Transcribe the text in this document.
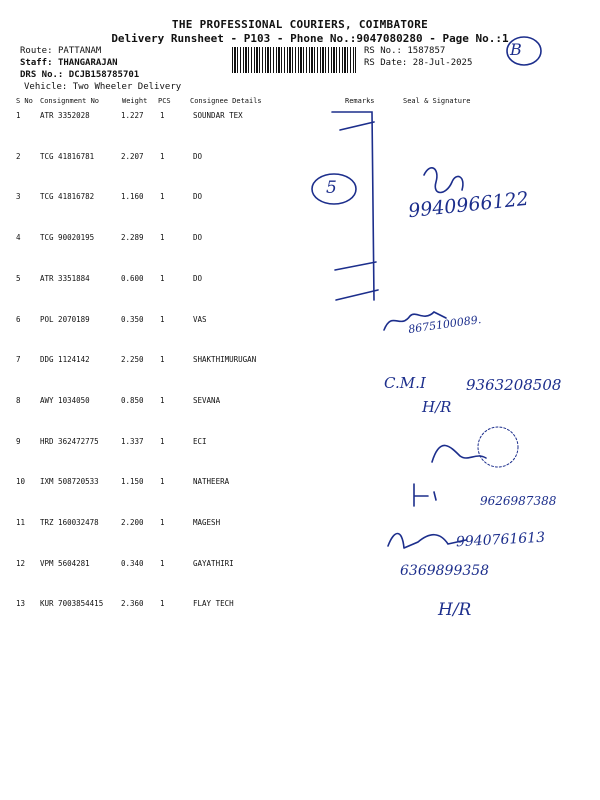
THE PROFESSIONAL COURIERS, COIMBATORE
Delivery Runsheet - P103 - Phone No.:9047080280 - Page No.:1
Route: PATTANAM
Staff: THANGARAJAN
DRS No.: DCJB158785701
Vehicle: Two Wheeler Delivery
RS No.: 1587857
RS Date: 28-Jul-2025
S No Consignment No	Weight PCS	Consignee Details	Remarks	Seal & Signature
1	ATR 3352028	1.227 1	SOUNDAR TEX
2	TCG 41816781	2.207 1	DO
3	TCG 41816782	1.160 1	DO
4	TCG 90020195	2.289 1	DO
5	ATR 3351884	0.600 1	DO
6	POL 2070189	0.350 1	VAS
7	DDG 1124142	2.250 1	SHAKTHIMURUGAN
8	AWY 1034050	0.850 1	SEVANA
9	HRD 362472775	1.337 1	ECI
10 IXM 508720533	1.150 1	NATHEERA
11 TRZ 160032478	2.200 1	MAGESH
12 VPM 5604281	0.340 1	GAYATHIRI
13 KUR 7003854415 2.360 1	FLAY TECH
B
5	9940966122
8675100089.
C.M.I	9363208508
H/R
9626987388
9940761613
6369899358
H/R
